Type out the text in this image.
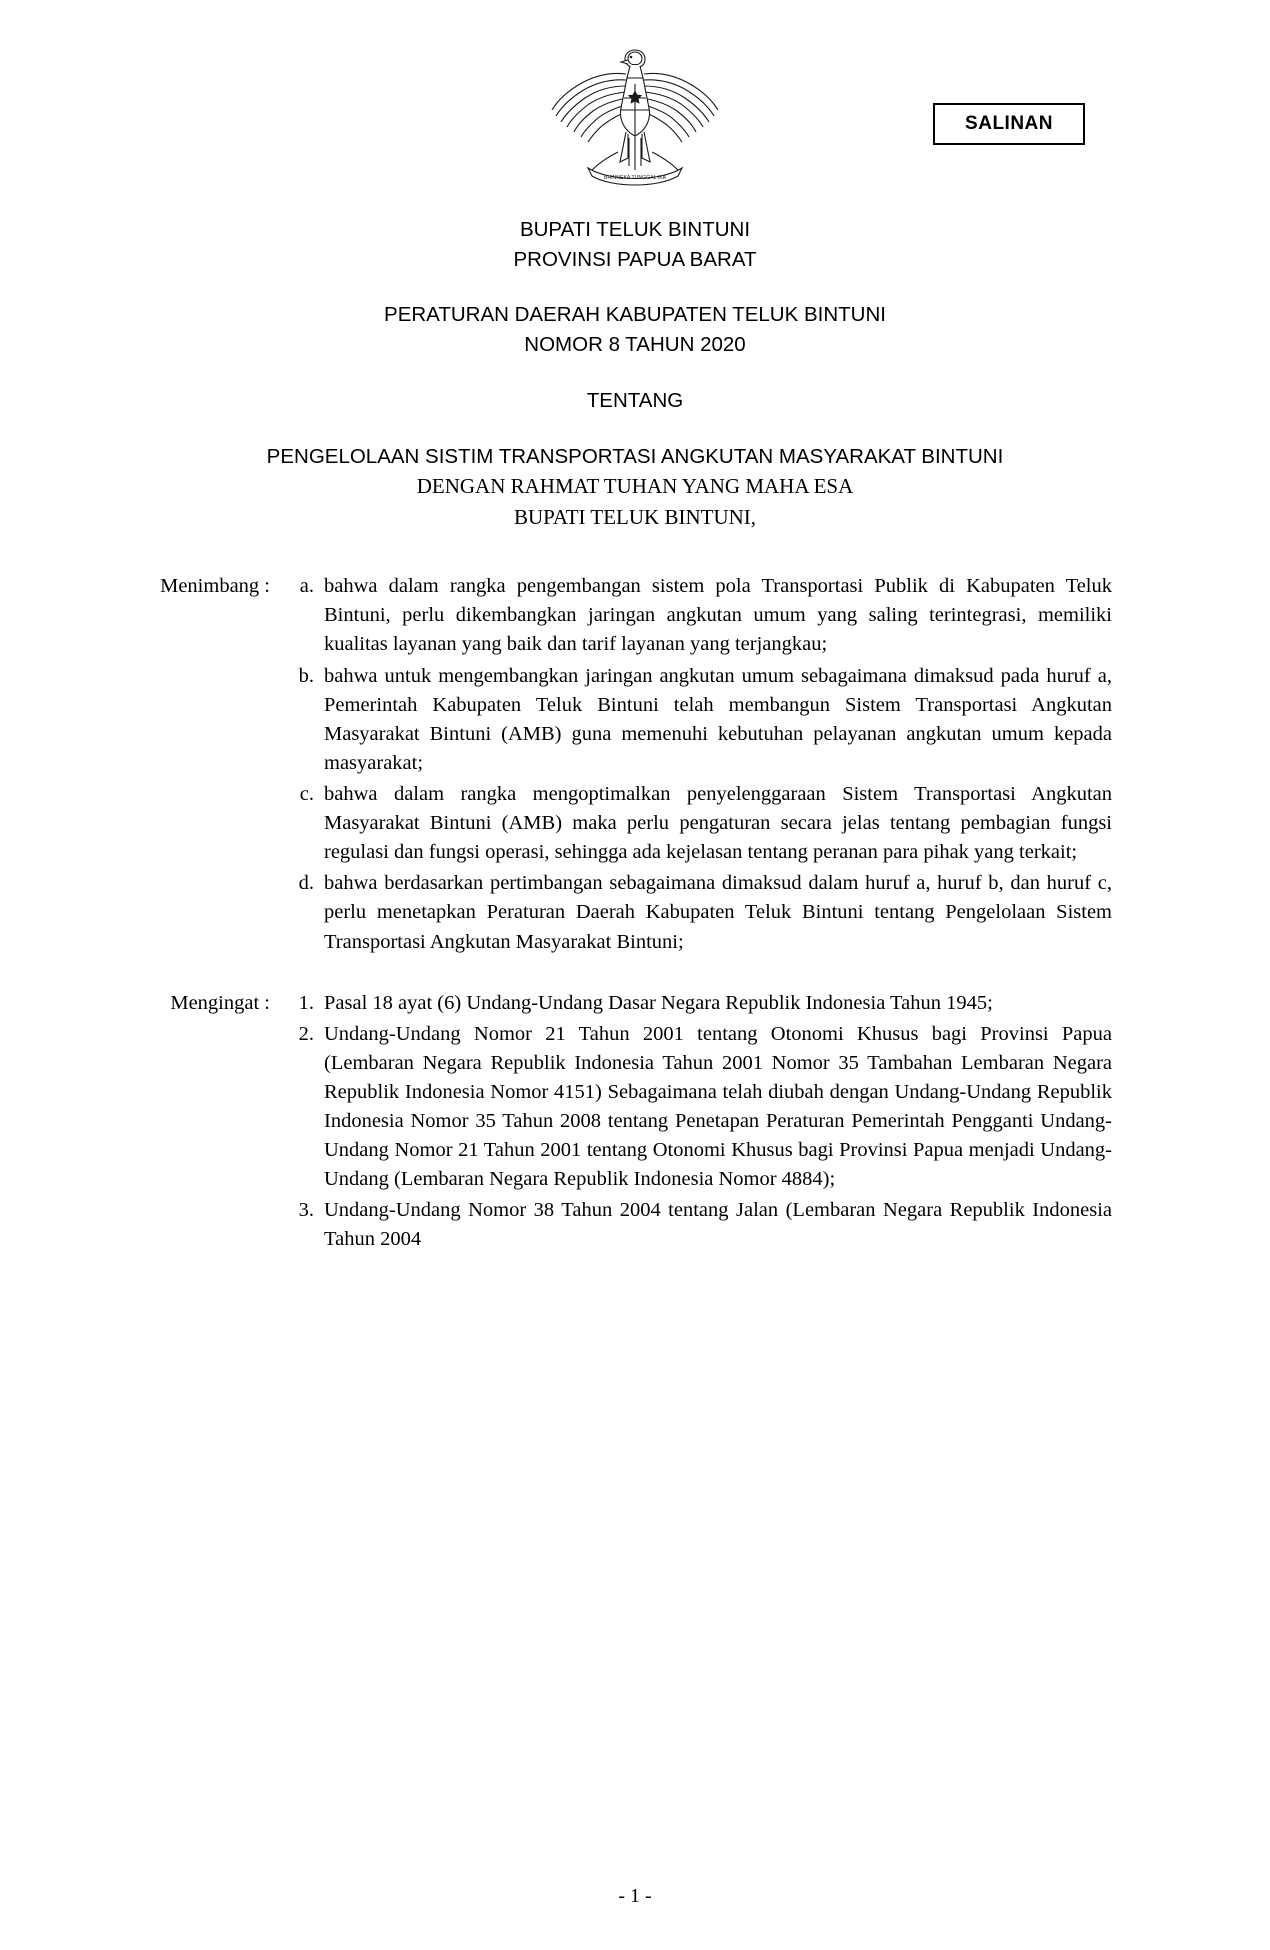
BHINNEKA TUNGGAL IKA
SALINAN
BUPATI TELUK BINTUNI
PROVINSI PAPUA BARAT
PERATURAN DAERAH KABUPATEN TELUK BINTUNI
NOMOR 8 TAHUN 2020
TENTANG
PENGELOLAAN SISTIM TRANSPORTASI ANGKUTAN MASYARAKAT BINTUNI
DENGAN RAHMAT TUHAN YANG MAHA ESA
BUPATI TELUK BINTUNI,
Menimbang :	a. bahwa dalam rangka pengembangan sistem pola Transportasi Publik di Kabupaten Teluk Bintuni, perlu dikembangkan jaringan angkutan umum yang saling terintegrasi, memiliki kualitas layanan yang baik dan tarif layanan yang terjangkau;
b. bahwa untuk mengembangkan jaringan angkutan umum sebagaimana dimaksud pada huruf a, Pemerintah Kabupaten Teluk Bintuni telah membangun Sistem Transportasi Angkutan Masyarakat Bintuni (AMB) guna memenuhi kebutuhan pelayanan angkutan umum kepada masyarakat;
c. bahwa dalam rangka mengoptimalkan penyelenggaraan Sistem Transportasi Angkutan Masyarakat Bintuni (AMB) maka perlu pengaturan secara jelas tentang pembagian fungsi regulasi dan fungsi operasi, sehingga ada kejelasan tentang peranan para pihak yang terkait;
d. bahwa berdasarkan pertimbangan sebagaimana dimaksud dalam huruf a, huruf b, dan huruf c, perlu menetapkan Peraturan Daerah Kabupaten Teluk Bintuni tentang Pengelolaan Sistem Transportasi Angkutan Masyarakat Bintuni;
Mengingat :	1. Pasal 18 ayat (6) Undang-Undang Dasar Negara Republik Indonesia Tahun 1945;
2. Undang-Undang Nomor 21 Tahun 2001 tentang Otonomi Khusus bagi Provinsi Papua (Lembaran Negara Republik Indonesia Tahun 2001 Nomor 35 Tambahan Lembaran Negara Republik Indonesia Nomor 4151) Sebagaimana telah diubah dengan Undang-Undang Republik Indonesia Nomor 35 Tahun 2008 tentang Penetapan Peraturan Pemerintah Pengganti Undang-Undang Nomor 21 Tahun 2001 tentang Otonomi Khusus bagi Provinsi Papua menjadi Undang-Undang (Lembaran Negara Republik Indonesia Nomor 4884);
3. Undang-Undang Nomor 38 Tahun 2004 tentang Jalan (Lembaran Negara Republik Indonesia Tahun 2004
- 1 -
